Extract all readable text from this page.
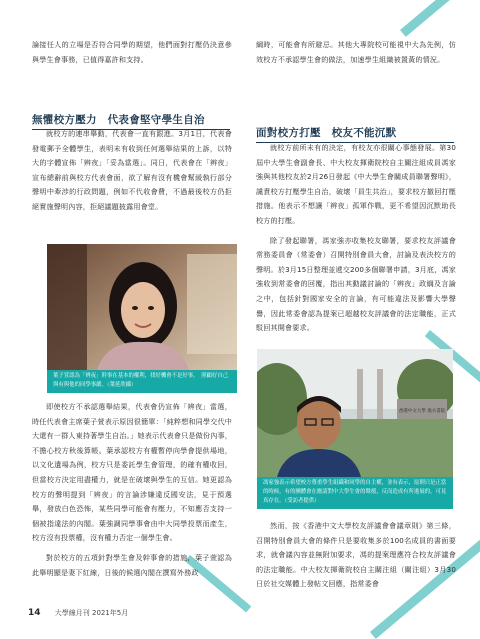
論接任人的立場是否符合同學的期望，他們面對打壓仍決意參與學生會事務，已值得嘉許和支持。

無懼校方壓力　代表會堅守學生自治

就校方的連串舉動，代表會一直有跟進。3月1日，代表會發電郵予全體學生，表明未有收到任何選舉結果的上訴，以特大的字體宣佈「辨夜」「妥為當選」。同日，代表會在「辨夜」宣布總辭前與校方代表會面，欲了解有沒有機會幫緩執行部分聲明中牽涉的行政問題，例如不代收會費，不過最後校方仍拒絕實施聲明內容，拒絕議題披露用會堂。

葉子萱認為「辨夜」幹事在基本的權利，找好機會不是好事。　照顧好自己與有與他的同學事嚴。（葉延欣攝）

即使校方不承認選舉結果，代表會仍宣佈「辨夜」當選，時任代表會主席葉子萱表示原因很簡單：「純粹想和同學交代中大還有一群人東持著學生自治。」她表示代表會只是做份內事，不擔心校方秋後算帳。葉承認校方有權暫停向學會提供場地，以文化遺場為例，校方只是委託學生會管理，的確有權收回，但當校方決定用盡權力，就是在破壞與學生的互信。她更認為校方的聲明提到「辨夜」的言論涉嫌違反國安法，見于預選舉，發放白色恐怖，某些同學可能會有壓力，不知應否支持一個被指違法的內閣。葉強調同學事會由中大同學投票而產生，校方沒有投票權，沒有權力否定一個學生會。

對於校方的五項針對學生會及幹事會的措施，葉子萱認為此舉明顯是妻下紅線，日後的候選內閣在撰寫外務政

綱時，可能會有所避忌。其他大專院校可能視中大為先例，仿效校方不承認學生會的做法，加速學生組織被置黃的情況。

面對校方打壓　校友不能沉默

就校方前所未有的決定，有校友亦很關心事態發展。第30屆中大學生會副會長、中大校友揮衛院校自主關注組成員馮家強與其他校友於2月26日發起《中大學生會關成員聯署聲明》，譴責校方打壓學生自治，破壞「員生共治」，要求校方撤回打壓措施。他表示不想讓「辨夜」孤軍作戰，更不希望因沉默助長校方的打壓。

除了發起聯署，馮家強亦收集校友聯署，要求校友評議會常務委員會（常委會）召開特別會員大會，討論及表決校方的聲明。於3月15日整理並遞交200多個聯署申請，3月底，馮家強收到常委會的回覆，指出其動議討論的「辨夜」政綱及言論之中，包括針對國家安全的言論，有可能違法及影響大學聲譽，因此常委會認為提案已超越校友評議會的法定職能，正式駁回其開會要求。

香港中文大學 逸夫書院
馮家強表示希望校方尊重學生組織和同學的自主權，並有表示，原則只是正當的時候，有的團體會在應請對中大學生會的聲援，反而造成有所進展的，可見真存在。（受訪者提供）

然而，按《香港中文大學校友評議會會議章則》第三條，召開特別會員大會的條件只是要收集多於100名成員的書面要求，就會議內容並無附加要求，馮的提案理應符合校友評議會的法定職能。中大校友揮衛院校自主關注組（關注組）3月30日於社交媒體上發帖文回應，指常委會

14 大學線月刊 2021年5月
